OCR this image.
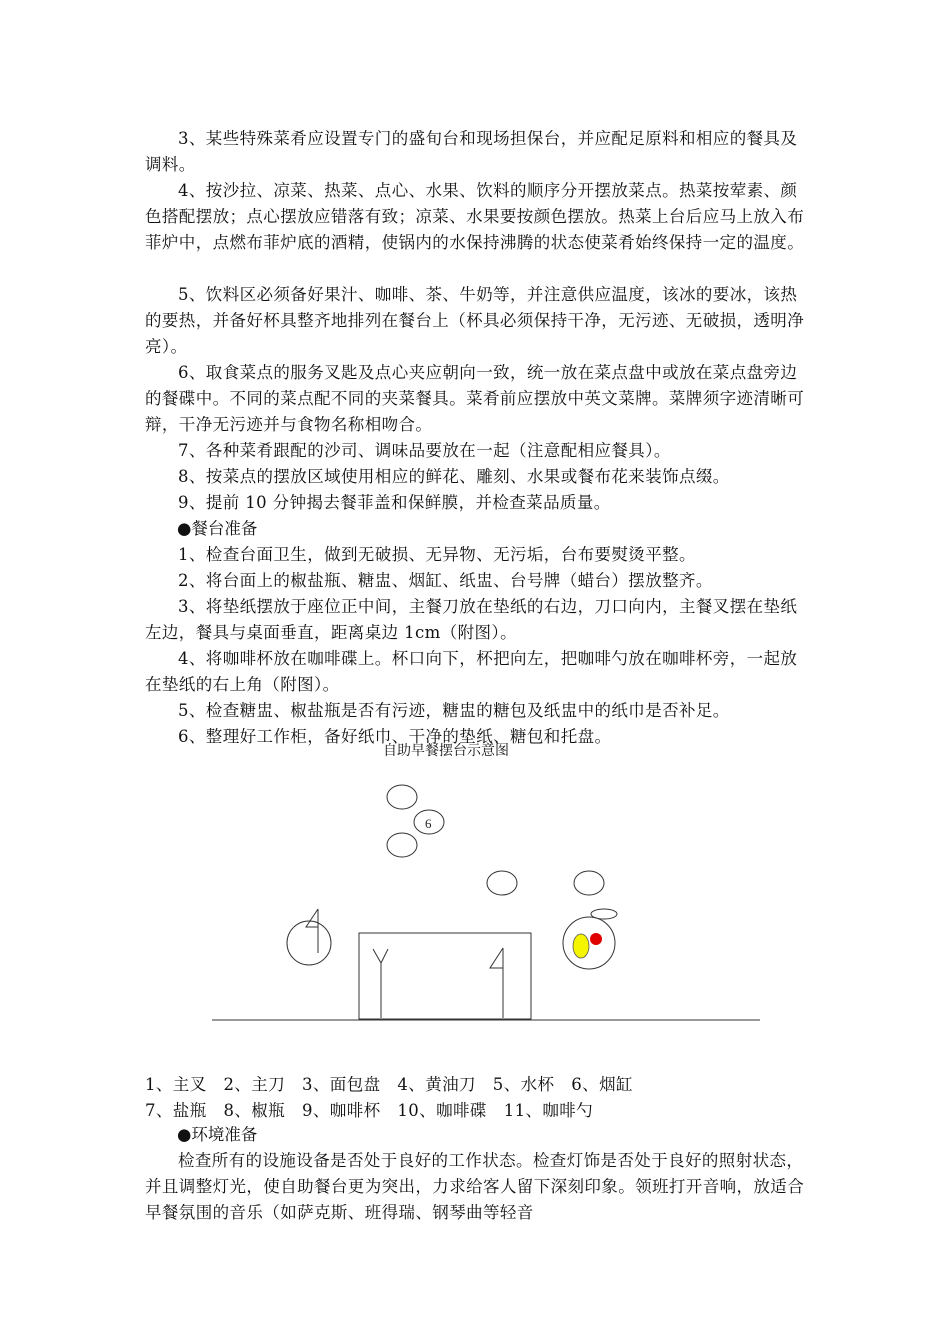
3、某些特殊菜肴应设置专门的盛旬台和现场担保台，并应配足原料和相应的餐具及调料。

4、按沙拉、凉菜、热菜、点心、水果、饮料的顺序分开摆放菜点。热菜按荤素、颜色搭配摆放；点心摆放应错落有致；凉菜、水果要按颜色摆放。热菜上台后应马上放入布菲炉中，点燃布菲炉底的酒精，使锅内的水保持沸腾的状态使菜肴始终保持一定的温度。

5、饮料区必须备好果汁、咖啡、茶、牛奶等，并注意供应温度，该冰的要冰，该热的要热，并备好杯具整齐地排列在餐台上（杯具必须保持干净，无污迹、无破损，透明净亮）。

6、取食菜点的服务叉匙及点心夹应朝向一致，统一放在菜点盘中或放在菜点盘旁边的餐碟中。不同的菜点配不同的夹菜餐具。菜肴前应摆放中英文菜牌。菜牌须字迹清晰可辩，干净无污迹并与食物名称相吻合。

7、各种菜肴跟配的沙司、调味品要放在一起（注意配相应餐具）。

8、按菜点的摆放区域使用相应的鲜花、雕刻、水果或餐布花来装饰点缀。

9、提前 10 分钟揭去餐菲盖和保鲜膜，并检查菜品质量。

●餐台准备

1、检查台面卫生，做到无破损、无异物、无污垢，台布要熨烫平整。

2、将台面上的椒盐瓶、糖盅、烟缸、纸盅、台号牌（蜡台）摆放整齐。

3、将垫纸摆放于座位正中间，主餐刀放在垫纸的右边，刀口向内，主餐叉摆在垫纸左边，餐具与桌面垂直，距离桌边 1cm（附图）。

4、将咖啡杯放在咖啡碟上。杯口向下，杯把向左，把咖啡勺放在咖啡杯旁，一起放在垫纸的右上角（附图）。

5、检查糖盅、椒盐瓶是否有污迹，糖盅的糖包及纸盅中的纸巾是否补足。

6、整理好工作柜，备好纸巾、干净的垫纸、糖包和托盘。

自助早餐摆台示意图
6

1、主叉　2、主刀　3、面包盘　4、黄油刀　5、水杯　6、烟缸

7、盐瓶　8、椒瓶　9、咖啡杯　10、咖啡碟　11、咖啡勺

●环境准备

检查所有的设施设备是否处于良好的工作状态。检查灯饰是否处于良好的照射状态，并且调整灯光，使自助餐台更为突出，力求给客人留下深刻印象。领班打开音响，放适合早餐氛围的音乐（如萨克斯、班得瑞、钢琴曲等轻音
